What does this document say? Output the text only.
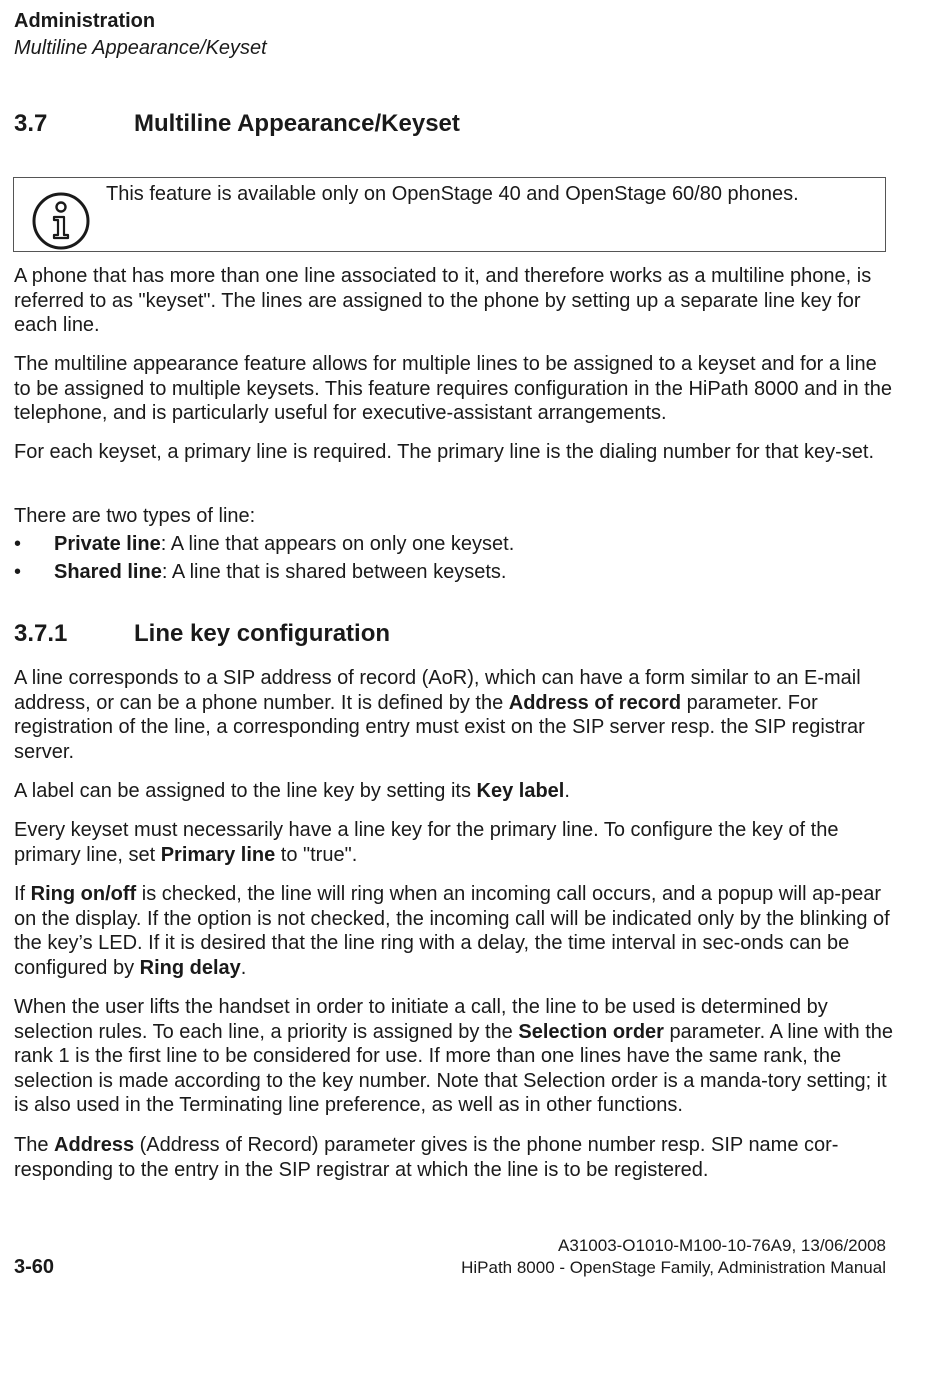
Administration
Multiline Appearance/Keyset
3.7	Multiline Appearance/Keyset
This feature is available only on OpenStage 40 and OpenStage 60/80 phones.

A phone that has more than one line associated to it, and therefore works as a multiline phone, is referred to as "keyset". The lines are assigned to the phone by setting up a separate line key for each line.

The multiline appearance feature allows for multiple lines to be assigned to a keyset and for a line to be assigned to multiple keysets. This feature requires configuration in the HiPath 8000 and in the telephone, and is particularly useful for executive-assistant arrangements.

For each keyset, a primary line is required. The primary line is the dialing number for that key-set.

There are two types of line:

• Private line: A line that appears on only one keyset.
• Shared line: A line that is shared between keysets.
3.7.1	Line key configuration

A line corresponds to a SIP address of record (AoR), which can have a form similar to an E-mail address, or can be a phone number. It is defined by the Address of record parameter. For registration of the line, a corresponding entry must exist on the SIP server resp. the SIP registrar server.

A label can be assigned to the line key by setting its Key label.

Every keyset must necessarily have a line key for the primary line. To configure the key of the primary line, set Primary line to "true".

If Ring on/off is checked, the line will ring when an incoming call occurs, and a popup will ap-pear on the display. If the option is not checked, the incoming call will be indicated only by the blinking of the key’s LED. If it is desired that the line ring with a delay, the time interval in sec-onds can be configured by Ring delay.

When the user lifts the handset in order to initiate a call, the line to be used is determined by selection rules. To each line, a priority is assigned by the Selection order parameter. A line with the rank 1 is the first line to be considered for use. If more than one lines have the same rank, the selection is made according to the key number. Note that Selection order is a manda-tory setting; it is also used in the Terminating line preference, as well as in other functions.

The Address (Address of Record) parameter gives is the phone number resp. SIP name cor-responding to the entry in the SIP registrar at which the line is to be registered.

A31003-O1010-M100-10-76A9, 13/06/2008
HiPath 8000 - OpenStage Family, Administration Manual
3-60
